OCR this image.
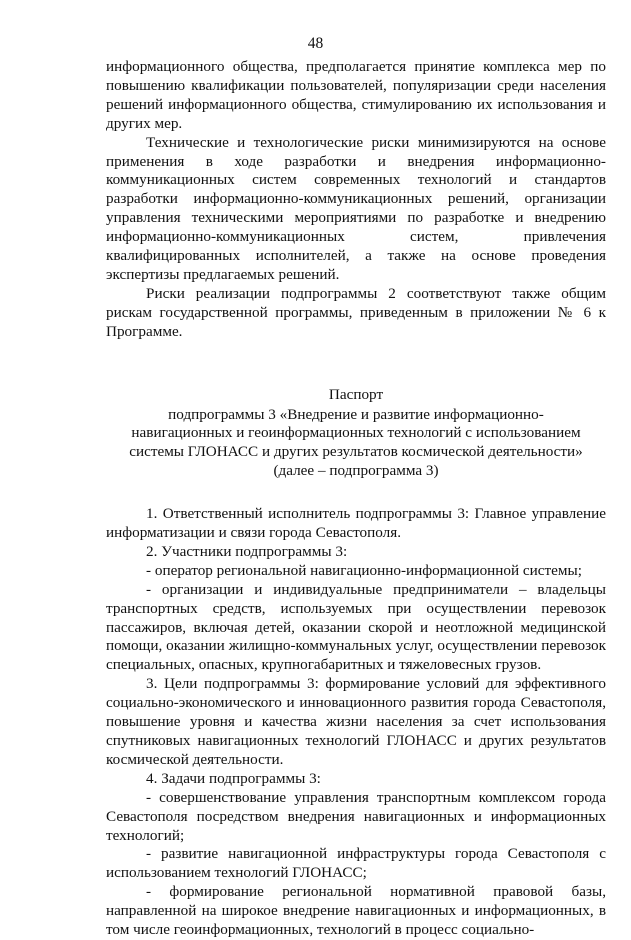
48

информационного общества, предполагается принятие комплекса мер по повышению квалификации пользователей, популяризации среди населения решений информационного общества, стимулированию их использования и других мер.

Технические и технологические риски минимизируются на основе применения в ходе разработки и внедрения информационно-коммуникационных систем современных технологий и стандартов разработки информационно-коммуникационных решений, организации управления техническими мероприятиями по разработке и внедрению информационно-коммуникационных систем, привлечения квалифицированных исполнителей, а также на основе проведения экспертизы предлагаемых решений.

Риски реализации подпрограммы 2 соответствуют также общим рискам государственной программы, приведенным в приложении № 6 к Программе.

Паспорт

подпрограммы 3 «Внедрение и развитие информационно-

навигационных и геоинформационных технологий с использованием

системы ГЛОНАСС и других результатов космической деятельности»

(далее – подпрограмма 3)

1. Ответственный исполнитель подпрограммы 3: Главное управление информатизации и связи города Севастополя.

2. Участники подпрограммы 3:

- оператор региональной навигационно-информационной системы;

- организации и индивидуальные предприниматели – владельцы транспортных средств, используемых при осуществлении перевозок пассажиров, включая детей, оказании скорой и неотложной медицинской помощи, оказании жилищно-коммунальных услуг, осуществлении перевозок специальных, опасных, крупногабаритных и тяжеловесных грузов.

3. Цели подпрограммы 3: формирование условий для эффективного социально-экономического и инновационного развития города Севастополя, повышение уровня и качества жизни населения за счет использования спутниковых навигационных технологий ГЛОНАСС и других результатов космической деятельности.

4. Задачи подпрограммы 3:

- совершенствование управления транспортным комплексом города Севастополя посредством внедрения навигационных и информационных технологий;

- развитие навигационной инфраструктуры города Севастополя с использованием технологий ГЛОНАСС;

- формирование региональной нормативной правовой базы, направленной на широкое внедрение навигационных и информационных, в том числе геоинформационных, технологий в процесс социально-
